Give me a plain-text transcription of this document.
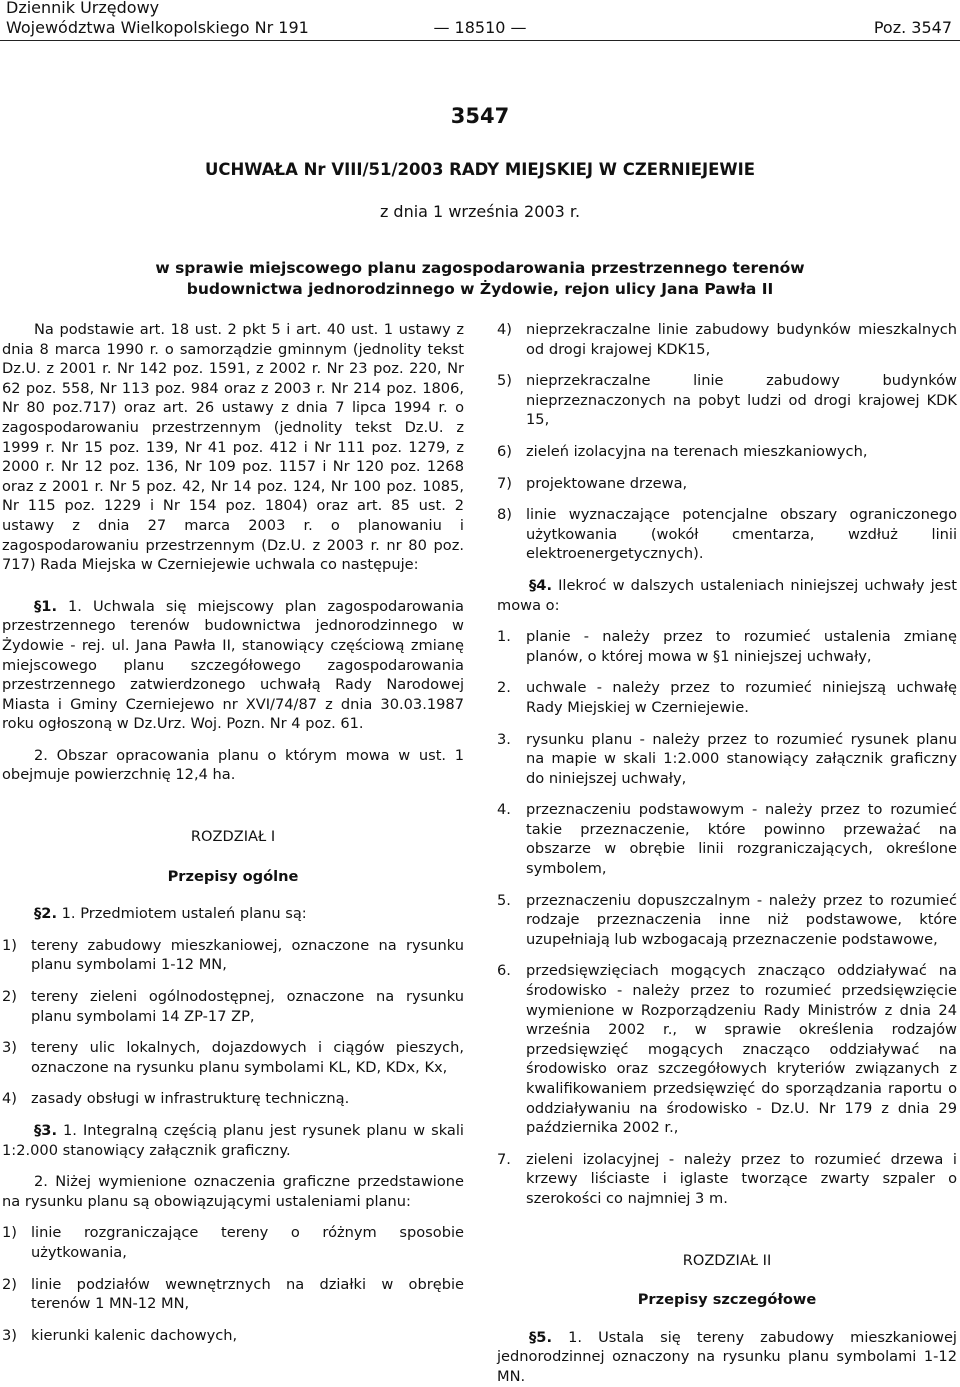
Dziennik Urzędowy
Województwa Wielkopolskiego Nr 191	— 18510 —	Poz. 3547
3547
UCHWAŁA Nr VIII/51/2003 RADY MIEJSKIEJ W CZERNIEJEWIE
z dnia 1 września 2003 r.
w sprawie miejscowego planu zagospodarowania przestrzennego terenów
budownictwa jednorodzinnego w Żydowie, rejon ulicy Jana Pawła II

Na podstawie art. 18 ust. 2 pkt 5 i art. 40 ust. 1 ustawy z dnia 8 marca 1990 r. o samorządzie gminnym (jednolity tekst Dz.U. z 2001 r. Nr 142 poz. 1591, z 2002 r. Nr 23 poz. 220, Nr 62 poz. 558, Nr 113 poz. 984 oraz z 2003 r. Nr 214 poz. 1806, Nr 80 poz.717) oraz art. 26 ustawy z dnia 7 lipca 1994 r. o zagospodarowaniu przestrzennym (jednolity tekst Dz.U. z 1999 r. Nr 15 poz. 139, Nr 41 poz. 412 i Nr 111 poz. 1279, z 2000 r. Nr 12 poz. 136, Nr 109 poz. 1157 i Nr 120 poz. 1268 oraz z 2001 r. Nr 5 poz. 42, Nr 14 poz. 124, Nr 100 poz. 1085, Nr 115 poz. 1229 i Nr 154 poz. 1804) oraz art. 85 ust. 2 ustawy z dnia 27 marca 2003 r. o planowaniu i zagospodarowaniu przestrzennym (Dz.U. z 2003 r. nr 80 poz. 717) Rada Miejska w Czerniejewie uchwala co następuje:

§1. 1. Uchwala się miejscowy plan zagospodarowania przestrzennego terenów budownictwa jednorodzinnego w Żydowie - rej. ul. Jana Pawła II, stanowiący częściową zmianę miejscowego planu szczegółowego zagospodarowania przestrzennego zatwierdzonego uchwałą Rady Narodowej Miasta i Gminy Czerniejewo nr XVI/74/87 z dnia 30.03.1987 roku ogłoszoną w Dz.Urz. Woj. Pozn. Nr 4 poz. 61.

2. Obszar opracowania planu o którym mowa w ust. 1 obejmuje powierzchnię 12,4 ha.

ROZDZIAŁ I

Przepisy ogólne

§2. 1. Przedmiotem ustaleń planu są:

1) tereny zabudowy mieszkaniowej, oznaczone na rysunku planu symbolami 1-12 MN,
2) tereny zieleni ogólnodostępnej, oznaczone na rysunku planu symbolami 14 ZP-17 ZP,
3) tereny ulic lokalnych, dojazdowych i ciągów pieszych, oznaczone na rysunku planu symbolami KL, KD, KDx, Kx,
4) zasady obsługi w infrastrukturę techniczną.

§3. 1. Integralną częścią planu jest rysunek planu w skali 1:2.000 stanowiący załącznik graficzny.

2. Niżej wymienione oznaczenia graficzne przedstawione na rysunku planu są obowiązującymi ustaleniami planu:

1) linie rozgraniczające tereny o różnym sposobie użytkowania,
2) linie podziałów wewnętrznych na działki w obrębie terenów 1 MN-12 MN,
3) kierunki kalenic dachowych,
4) nieprzekraczalne linie zabudowy budynków mieszkalnych od drogi krajowej KDK15,
5) nieprzekraczalne linie zabudowy budynków nieprzeznaczonych na pobyt ludzi od drogi krajowej KDK 15,
6) zieleń izolacyjna na terenach mieszkaniowych,
7) projektowane drzewa,
8) linie wyznaczające potencjalne obszary ograniczonego użytkowania (wokół cmentarza, wzdłuż linii elektroenergetycznych).

§4. Ilekroć w dalszych ustaleniach niniejszej uchwały jest mowa o:

1.	planie - należy przez to rozumieć ustalenia zmianę planów, o której mowa w §1 niniejszej uchwały,
2.	uchwale - należy przez to rozumieć niniejszą uchwałę Rady Miejskiej w Czerniejewie.
3.	rysunku planu - należy przez to rozumieć rysunek planu na mapie w skali 1:2.000 stanowiący załącznik graficzny do niniejszej uchwały,
4.	przeznaczeniu podstawowym - należy przez to rozumieć takie przeznaczenie, które powinno przeważać na obszarze w obrębie linii rozgraniczających, określone symbolem,
5.	przeznaczeniu dopuszczalnym - należy przez to rozumieć rodzaje przeznaczenia inne niż podstawowe, które uzupełniają lub wzbogacają przeznaczenie podstawowe,
6.	przedsięwzięciach mogących znacząco oddziaływać na środowisko - należy przez to rozumieć przedsięwzięcie wymienione w Rozporządzeniu Rady Ministrów z dnia 24 września 2002 r., w sprawie określenia rodzajów przedsięwzięć mogących znacząco oddziaływać na środowisko oraz szczegółowych kryteriów związanych z kwalifikowaniem przedsięwzięć do sporządzania raportu o oddziaływaniu na środowisko - Dz.U. Nr 179 z dnia 29 października 2002 r.,
7.	zieleni izolacyjnej - należy przez to rozumieć drzewa i krzewy liściaste i iglaste tworzące zwarty szpaler o szerokości co najmniej 3 m.

ROZDZIAŁ II

Przepisy szczegółowe

§5. 1. Ustala się tereny zabudowy mieszkaniowej jednorodzinnej oznaczony na rysunku planu symbolami 1-12 MN.
